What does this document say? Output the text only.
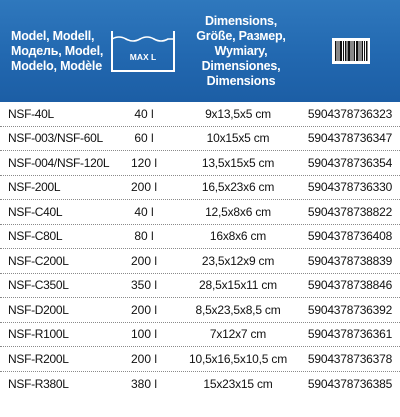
Model, Modell,
Модель, Model,
Modelo, Modèle
MAX L
Dimensions,
Größe, Размер,
Wymiary,
Dimensiones,
Dimensions
NSF-40L	40 l	9x13,5x5 cm	5904378736323
NSF-003/NSF-60L	60 l	10x15x5 cm	5904378736347
NSF-004/NSF-120L	120 l	13,5x15x5 cm	5904378736354
NSF-200L	200 l	16,5x23x6 cm	5904378736330
NSF-C40L	40 l	12,5x8x6 cm	5904378738822
NSF-C80L	80 l	16x8x6 cm	5904378736408
NSF-C200L	200 l	23,5x12x9 cm	5904378738839
NSF-C350L	350 l	28,5x15x11 cm	5904378738846
NSF-D200L	200 l	8,5x23,5x8,5 cm	5904378736392
NSF-R100L	100 l	7x12x7 cm	5904378736361
NSF-R200L	200 l	10,5x16,5x10,5 cm	5904378736378
NSF-R380L	380 l	15x23x15 cm	5904378736385
